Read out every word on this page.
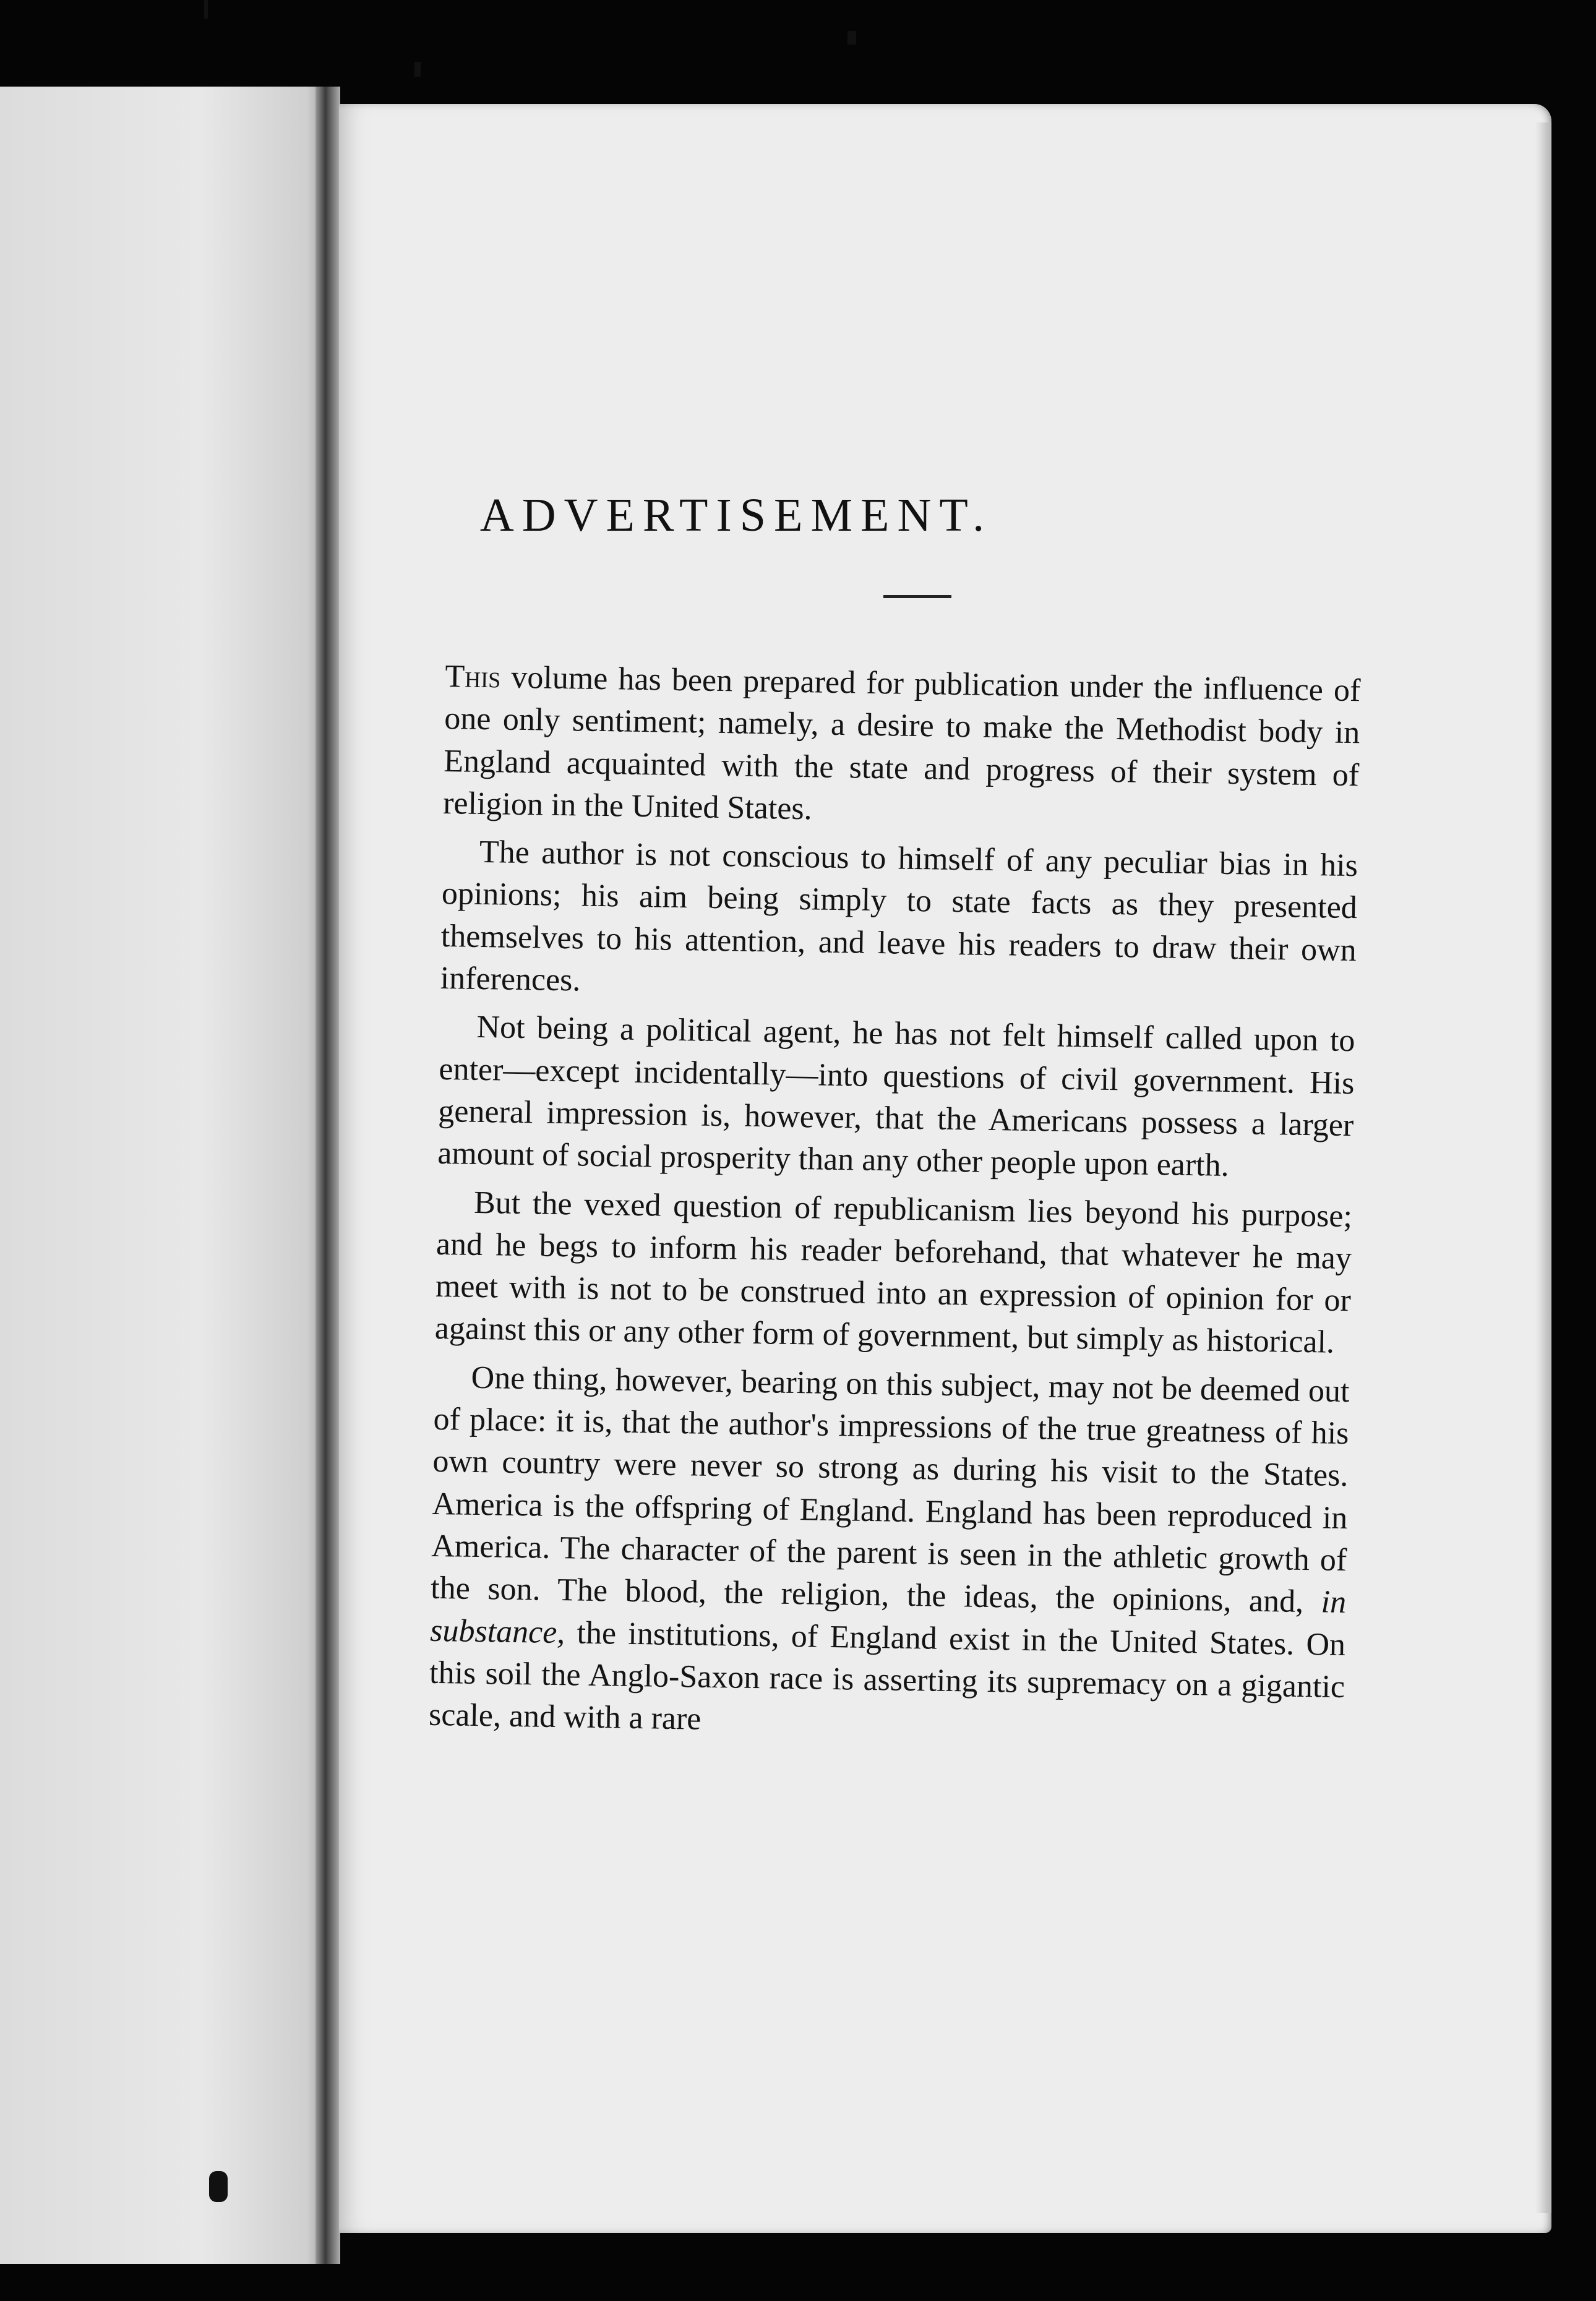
ADVERTISEMENT.

This volume has been prepared for publication under the influence of one only sentiment; namely, a desire to make the Methodist body in England acquainted with the state and progress of their system of religion in the United States.

The author is not conscious to himself of any peculiar bias in his opinions; his aim being simply to state facts as they presented themselves to his attention, and leave his readers to draw their own inferences.

Not being a political agent, he has not felt himself called upon to enter—except incidentally—into questions of civil government. His general impression is, however, that the Americans possess a larger amount of social prosperity than any other people upon earth.

But the vexed question of republicanism lies beyond his purpose; and he begs to inform his reader beforehand, that whatever he may meet with is not to be construed into an expression of opinion for or against this or any other form of government, but simply as historical.

One thing, however, bearing on this subject, may not be deemed out of place: it is, that the author's impressions of the true greatness of his own country were never so strong as during his visit to the States. America is the offspring of England. England has been reproduced in America. The character of the parent is seen in the athletic growth of the son. The blood, the religion, the ideas, the opinions, and, in substance, the institutions, of England exist in the United States. On this soil the Anglo-Saxon race is asserting its supremacy on a gigantic scale, and with a rare
